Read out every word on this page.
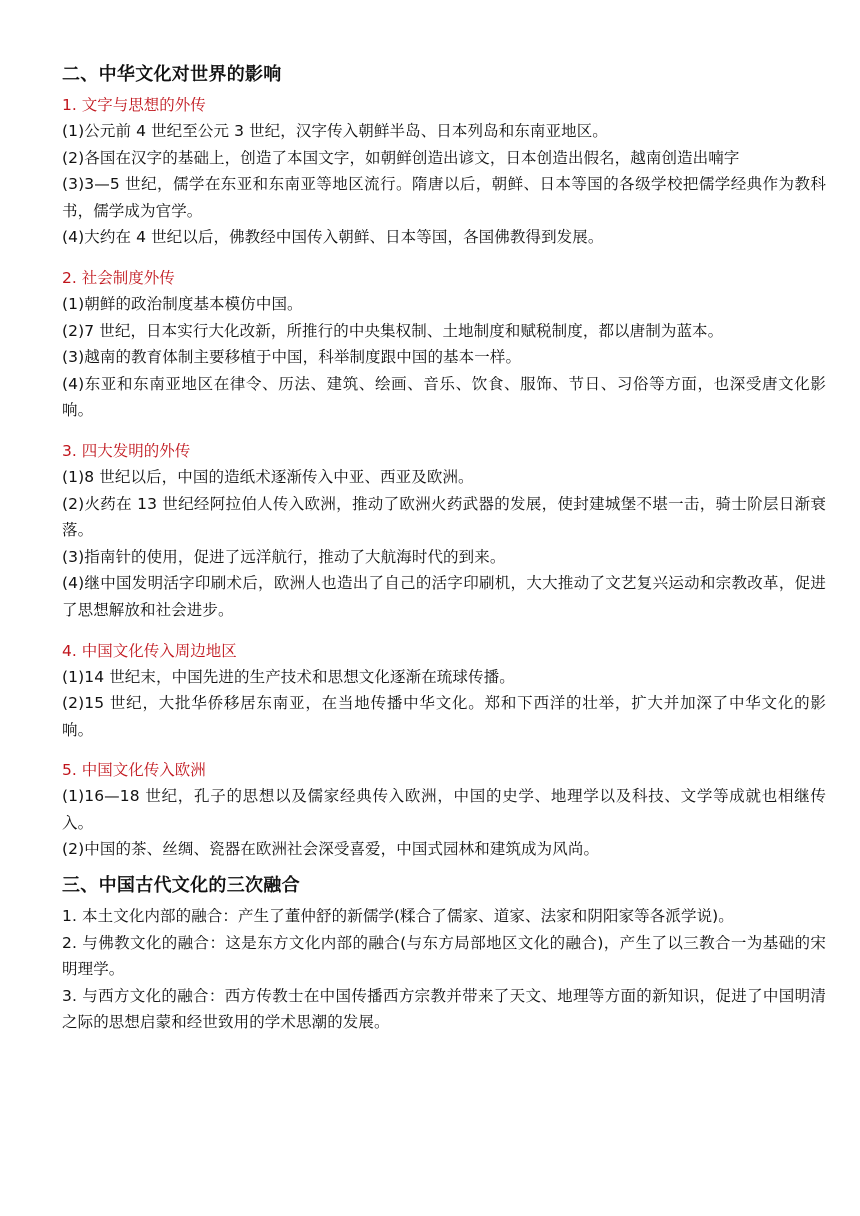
二、中华文化对世界的影响
1. 文字与思想的外传

(1)公元前 4 世纪至公元 3 世纪，汉字传入朝鲜半岛、日本列岛和东南亚地区。

(2)各国在汉字的基础上，创造了本国文字，如朝鲜创造出谚文，日本创造出假名，越南创造出喃字

(3)3—5 世纪，儒学在东亚和东南亚等地区流行。隋唐以后，朝鲜、日本等国的各级学校把儒学经典作为教科书，儒学成为官学。

(4)大约在 4 世纪以后，佛教经中国传入朝鲜、日本等国，各国佛教得到发展。

2. 社会制度外传

(1)朝鲜的政治制度基本模仿中国。

(2)7 世纪，日本实行大化改新，所推行的中央集权制、土地制度和赋税制度，都以唐制为蓝本。

(3)越南的教育体制主要移植于中国，科举制度跟中国的基本一样。

(4)东亚和东南亚地区在律令、历法、建筑、绘画、音乐、饮食、服饰、节日、习俗等方面，也深受唐文化影响。

3. 四大发明的外传

(1)8 世纪以后，中国的造纸术逐渐传入中亚、西亚及欧洲。

(2)火药在 13 世纪经阿拉伯人传入欧洲，推动了欧洲火药武器的发展，使封建城堡不堪一击，骑士阶层日渐衰落。

(3)指南针的使用，促进了远洋航行，推动了大航海时代的到来。

(4)继中国发明活字印刷术后，欧洲人也造出了自己的活字印刷机，大大推动了文艺复兴运动和宗教改革，促进了思想解放和社会进步。

4. 中国文化传入周边地区

(1)14 世纪末，中国先进的生产技术和思想文化逐渐在琉球传播。

(2)15 世纪，大批华侨移居东南亚，在当地传播中华文化。郑和下西洋的壮举，扩大并加深了中华文化的影响。

5. 中国文化传入欧洲

(1)16—18 世纪，孔子的思想以及儒家经典传入欧洲，中国的史学、地理学以及科技、文学等成就也相继传入。

(2)中国的茶、丝绸、瓷器在欧洲社会深受喜爱，中国式园林和建筑成为风尚。

三、中国古代文化的三次融合

1. 本土文化内部的融合：产生了董仲舒的新儒学(糅合了儒家、道家、法家和阴阳家等各派学说)。

2. 与佛教文化的融合：这是东方文化内部的融合(与东方局部地区文化的融合)，产生了以三教合一为基础的宋明理学。

3. 与西方文化的融合：西方传教士在中国传播西方宗教并带来了天文、地理等方面的新知识，促进了中国明清之际的思想启蒙和经世致用的学术思潮的发展。
